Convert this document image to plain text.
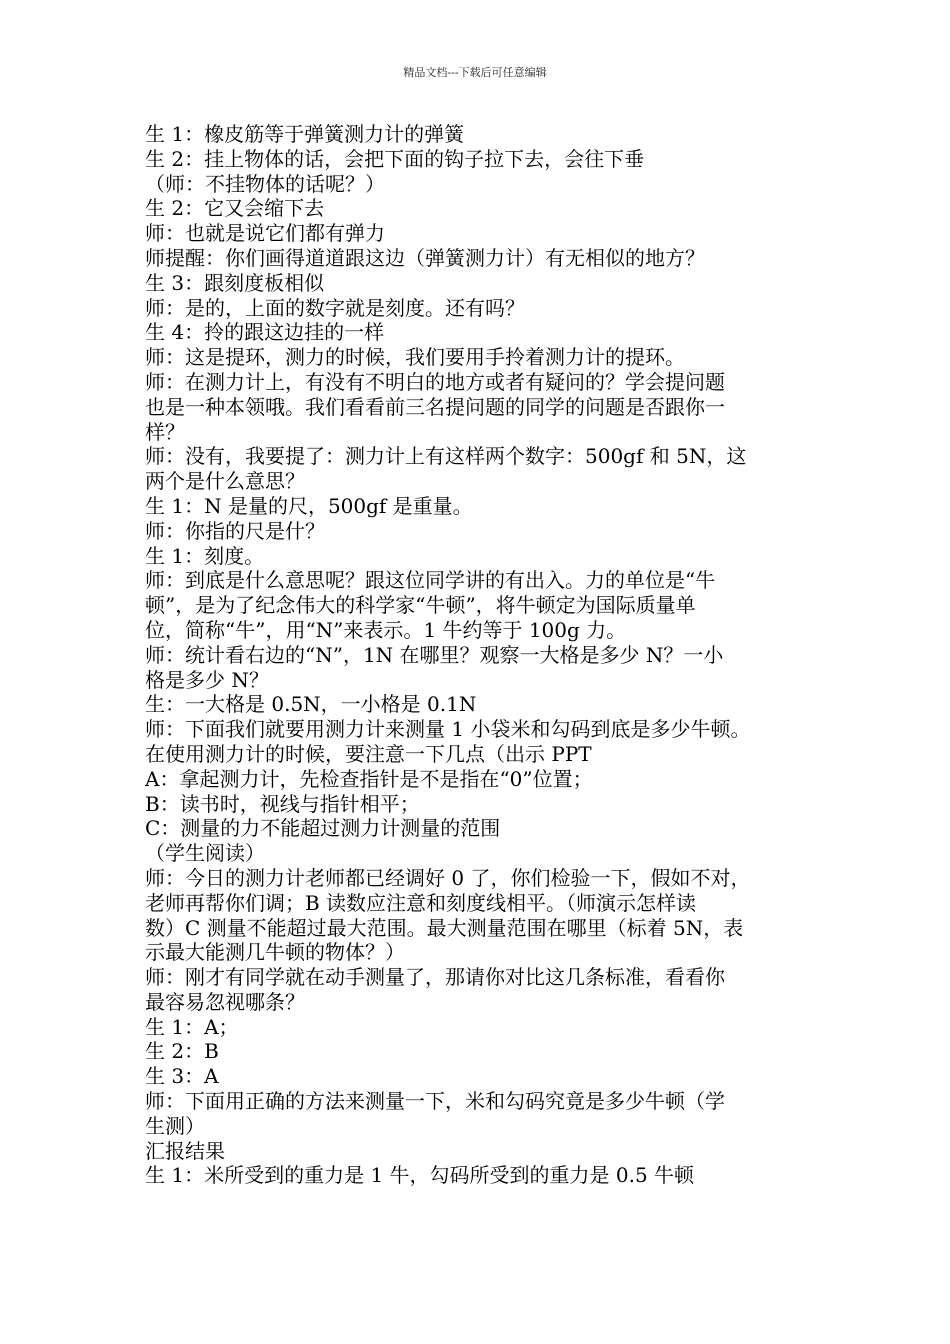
精品文档---下载后可任意编辑
生 1：橡皮筋等于弹簧测力计的弹簧
生 2：挂上物体的话，会把下面的钩子拉下去，会往下垂
（师：不挂物体的话呢？）
生 2：它又会缩下去
师：也就是说它们都有弹力
师提醒：你们画得道道跟这边（弹簧测力计）有无相似的地方？
生 3：跟刻度板相似
师：是的，上面的数字就是刻度。还有吗？
生 4：拎的跟这边挂的一样
师：这是提环，测力的时候，我们要用手拎着测力计的提环。
师：在测力计上，有没有不明白的地方或者有疑问的？学会提问题
也是一种本领哦。我们看看前三名提问题的同学的问题是否跟你一
样？
师：没有，我要提了：测力计上有这样两个数字：500gf 和 5N，这
两个是什么意思？
生 1：N 是量的尺，500gf 是重量。
师：你指的尺是什？
生 1：刻度。
师：到底是什么意思呢？跟这位同学讲的有出入。力的单位是“牛
顿”，是为了纪念伟大的科学家“牛顿”，将牛顿定为国际质量单
位，简称“牛”，用“N”来表示。1 牛约等于 100g 力。
师：统计看右边的“N”，1N 在哪里？观察一大格是多少 N？一小
格是多少 N？
生：一大格是 0.5N，一小格是 0.1N
师：下面我们就要用测力计来测量 1 小袋米和勾码到底是多少牛顿。
在使用测力计的时候，要注意一下几点（出示 PPT
A：拿起测力计，先检查指针是不是指在“0”位置；
B：读书时，视线与指针相平；
C：测量的力不能超过测力计测量的范围
（学生阅读）
师：今日的测力计老师都已经调好 0 了，你们检验一下，假如不对，
老师再帮你们调；B 读数应注意和刻度线相平。（师演示怎样读
数）C 测量不能超过最大范围。最大测量范围在哪里（标着 5N，表
示最大能测几牛顿的物体？）
师：刚才有同学就在动手测量了，那请你对比这几条标准，看看你
最容易忽视哪条？
生 1：A；
生 2：B
生 3：A
师：下面用正确的方法来测量一下，米和勾码究竟是多少牛顿（学
生测）
汇报结果
生 1：米所受到的重力是 1 牛，勾码所受到的重力是 0.5 牛顿
